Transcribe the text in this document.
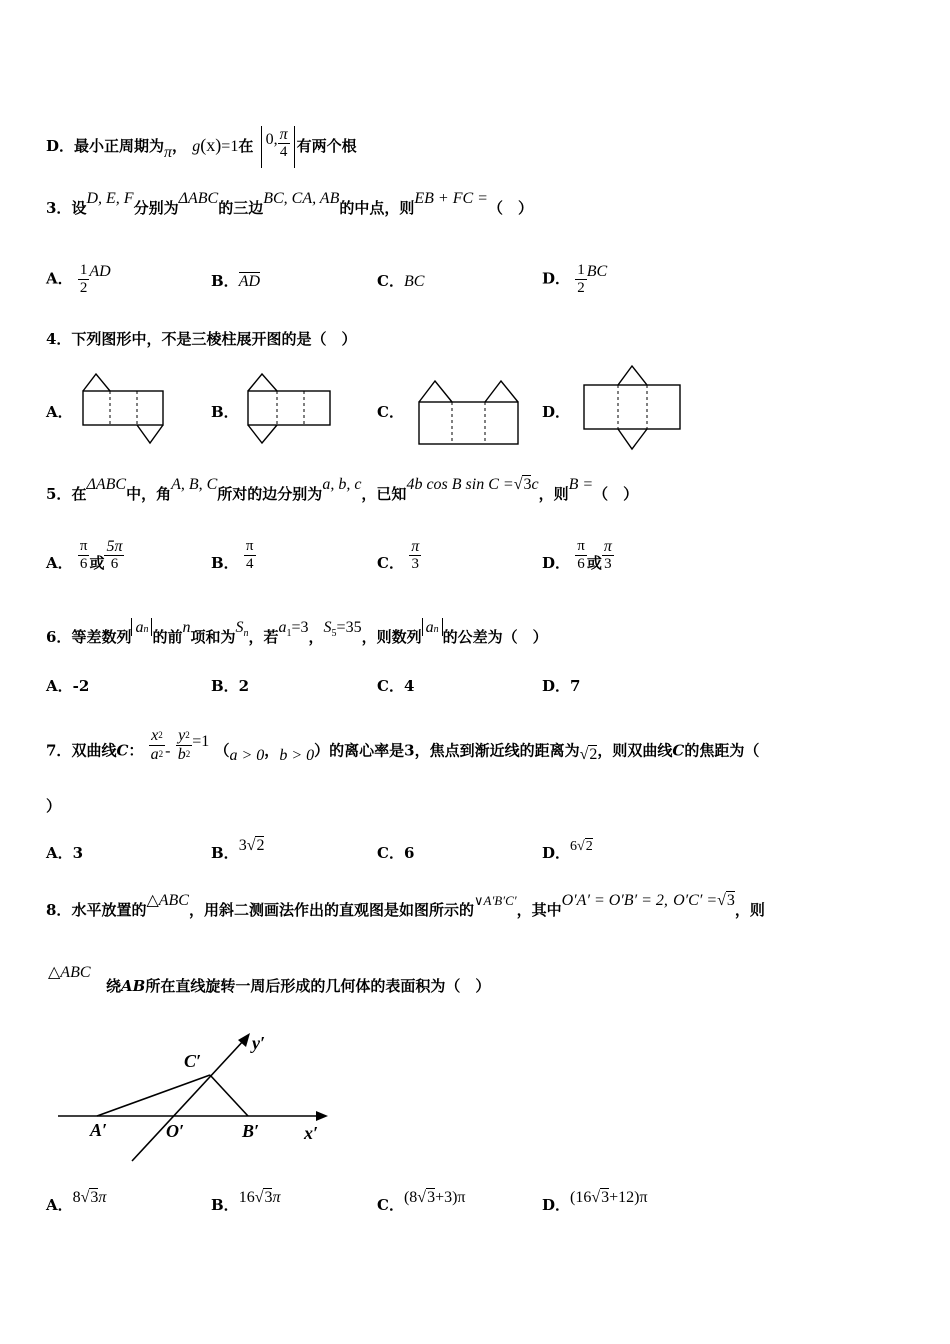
D．最小正周期为π， g(x)=1在 0, $\frac{\pi}{4}$ 有两个根
3．设D, E, F分别为ΔABC的三边BC, CA, AB的中点，则EB + FC =（　）
A． $\frac{1}{2}$ AD
B．AD	C．BC	D． $\frac{1}{2}$ BC
4．下列图形中，不是三棱柱展开图的是（　）
A．	B．	C．	D．
5．在ΔABC中，角A, B, C所对的边分别为a, b, c，已知4b cos B sin C =√3c，则B =（　）
A． $\frac{\pi}{6}$ 或 $\frac{5\pi}{6}$	B． $\frac{\pi}{4}$	C． $\frac{\pi}{3}$	D． $\frac{\pi}{6}$ 或 $\frac{\pi}{3}$
6．等差数列an 的前n项和为$S^n$，若$a^1=3$，$S^5=35$，则数列an 的公差为（　）
A．-2	B．2	C．4	D．7
7．双曲线C： $\frac{x^2}{a^2} - \frac{y^2}{b^2} =1$ （a > 0，b > 0）的离心率是3，焦点到渐近线的距离为√2，则双曲线C的焦距为（
）
A．3	B．3√2	C．6	D．6√2
8．水平放置的△ABC，用斜二测画法作出的直观图是如图所示的∨A′B′C′，其中O′A′ = O′B′ = 2, O′C′ =√3，则
△ABC
绕AB所在直线旋转一周后形成的几何体的表面积为（　）
C′
y′
A′	O′	B′ x′
A．8√3π	B．16√3π	C．(8√3+3)π	D．(16√3+12)π
